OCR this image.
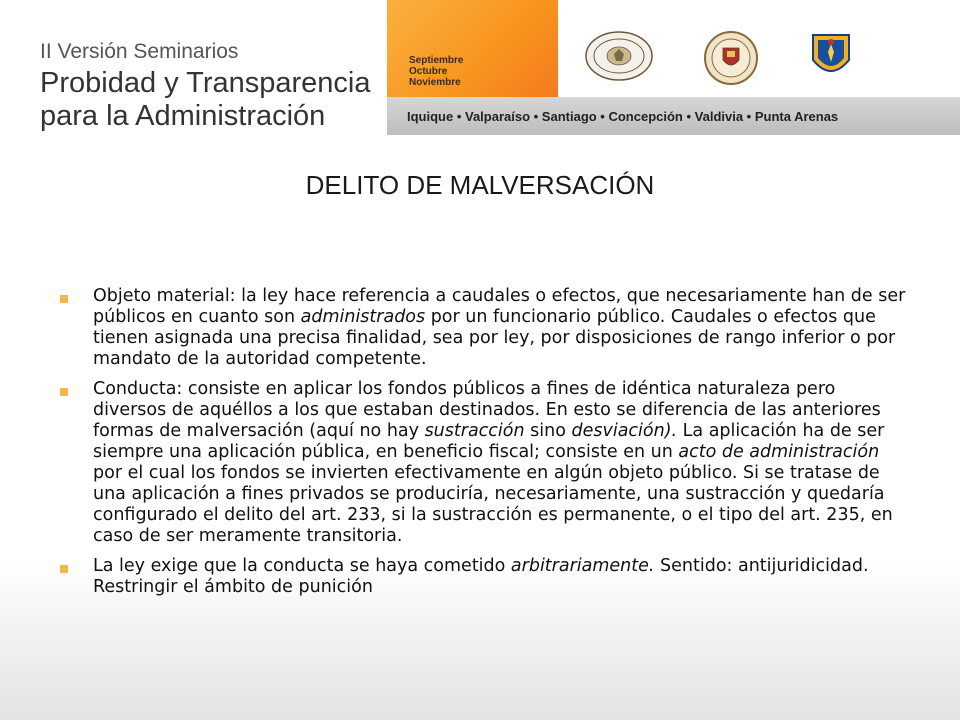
II Versión Seminarios
Probidad y Transparencia
para la Administración
Septiembre
Octubre
Noviembre
Iquique • Valparaíso • Santiago • Concepción • Valdivia • Punta Arenas
DELITO DE MALVERSACIÓN
Objeto material: la ley hace referencia a caudales o efectos, que necesariamente han de ser públicos en cuanto son administrados por un funcionario público. Caudales o efectos que tienen asignada una precisa finalidad, sea por ley, por disposiciones de rango inferior o por mandato de la autoridad competente.
Conducta: consiste en aplicar los fondos públicos a fines de idéntica naturaleza pero diversos de aquéllos a los que estaban destinados. En esto se diferencia de las anteriores formas de malversación (aquí no hay sustracción sino desviación). La aplicación ha de ser siempre una aplicación pública, en beneficio fiscal; consiste en un acto de administración por el cual los fondos se invierten efectivamente en algún objeto público. Si se tratase de una aplicación a fines privados se produciría, necesariamente, una sustracción y quedaría configurado el delito del art. 233, si la sustracción es permanente, o el tipo del art. 235, en caso de ser meramente transitoria.
La ley exige que la conducta se haya cometido arbitrariamente. Sentido: antijuridicidad. Restringir el ámbito de punición
